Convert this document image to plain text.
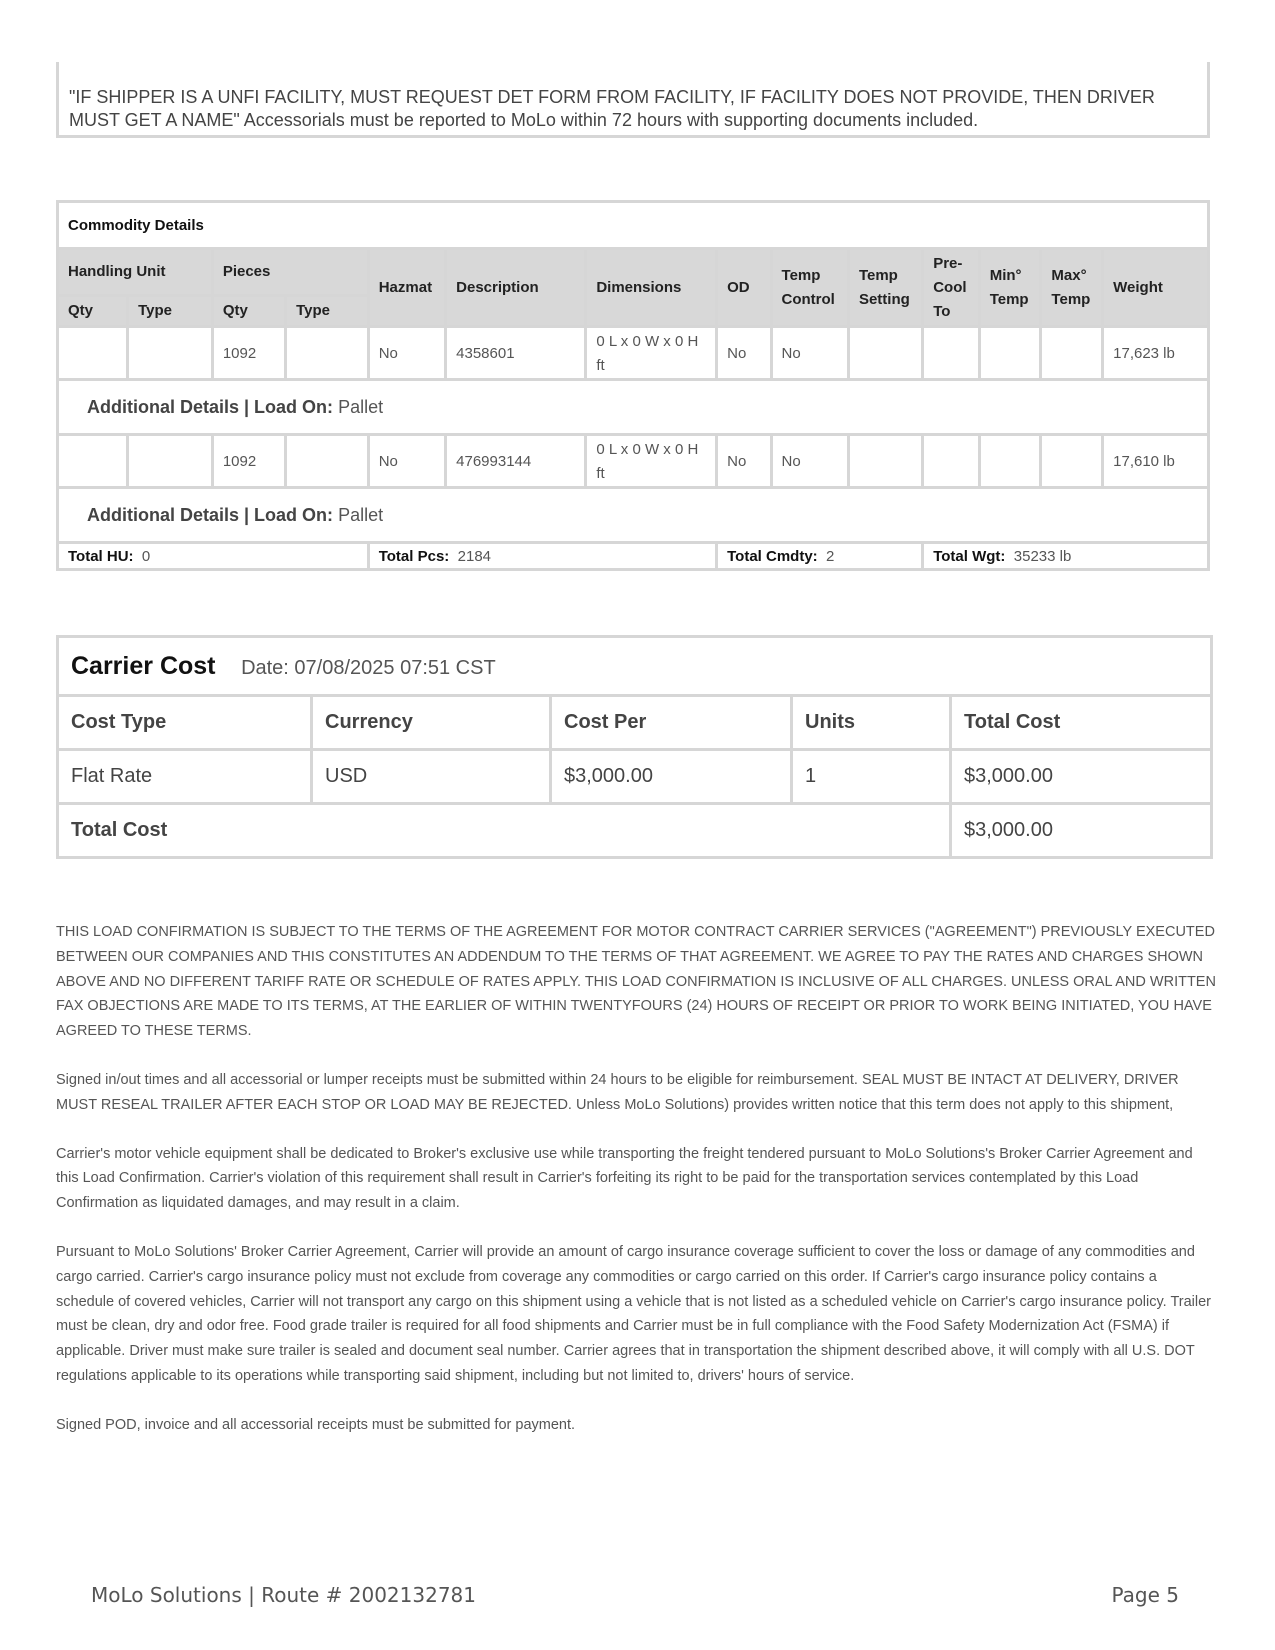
"IF SHIPPER IS A UNFI FACILITY, MUST REQUEST DET FORM FROM FACILITY, IF FACILITY DOES NOT PROVIDE, THEN DRIVER MUST GET A NAME" Accessorials must be reported to MoLo within 72 hours with supporting documents included.
Commodity Details													
Handling Unit		Pieces		Hazmat	Description	Dimensions	OD	Temp Control	Temp Setting	Pre-Cool To	Min° Temp	Max° Temp	Weight
Qty	Type	Qty	Type										
		1092		No	4358601	0 L x 0 W x 0 H ft	No	No					17,623 lb
Additional Details | Load On: Pallet													
		1092		No	476993144	0 L x 0 W x 0 H ft	No	No					17,610 lb
Additional Details | Load On: Pallet													
Total HU: 0				Total Pcs: 2184			Total Cmdty: 2			Total Wgt: 35233 lb			
Carrier Cost Date: 07/08/2025 07:51 CST				
Cost Type	Currency	Cost Per	Units	Total Cost
Flat Rate	USD	$3,000.00	1	$3,000.00
Total Cost				$3,000.00

THIS LOAD CONFIRMATION IS SUBJECT TO THE TERMS OF THE AGREEMENT FOR MOTOR CONTRACT CARRIER SERVICES ("AGREEMENT") PREVIOUSLY EXECUTED BETWEEN OUR COMPANIES AND THIS CONSTITUTES AN ADDENDUM TO THE TERMS OF THAT AGREEMENT. WE AGREE TO PAY THE RATES AND CHARGES SHOWN ABOVE AND NO DIFFERENT TARIFF RATE OR SCHEDULE OF RATES APPLY. THIS LOAD CONFIRMATION IS INCLUSIVE OF ALL CHARGES. UNLESS ORAL AND WRITTEN FAX OBJECTIONS ARE MADE TO ITS TERMS, AT THE EARLIER OF WITHIN TWENTYFOURS (24) HOURS OF RECEIPT OR PRIOR TO WORK BEING INITIATED, YOU HAVE AGREED TO THESE TERMS.

Signed in/out times and all accessorial or lumper receipts must be submitted within 24 hours to be eligible for reimbursement. SEAL MUST BE INTACT AT DELIVERY, DRIVER MUST RESEAL TRAILER AFTER EACH STOP OR LOAD MAY BE REJECTED. Unless MoLo Solutions) provides written notice that this term does not apply to this shipment,

Carrier's motor vehicle equipment shall be dedicated to Broker's exclusive use while transporting the freight tendered pursuant to MoLo Solutions's Broker Carrier Agreement and this Load Confirmation. Carrier's violation of this requirement shall result in Carrier's forfeiting its right to be paid for the transportation services contemplated by this Load Confirmation as liquidated damages, and may result in a claim.

Pursuant to MoLo Solutions' Broker Carrier Agreement, Carrier will provide an amount of cargo insurance coverage sufficient to cover the loss or damage of any commodities and cargo carried. Carrier's cargo insurance policy must not exclude from coverage any commodities or cargo carried on this order. If Carrier's cargo insurance policy contains a schedule of covered vehicles, Carrier will not transport any cargo on this shipment using a vehicle that is not listed as a scheduled vehicle on Carrier's cargo insurance policy. Trailer must be clean, dry and odor free. Food grade trailer is required for all food shipments and Carrier must be in full compliance with the Food Safety Modernization Act (FSMA) if applicable. Driver must make sure trailer is sealed and document seal number. Carrier agrees that in transportation the shipment described above, it will comply with all U.S. DOT regulations applicable to its operations while transporting said shipment, including but not limited to, drivers' hours of service.

Signed POD, invoice and all accessorial receipts must be submitted for payment.

MoLo Solutions | Route # 2002132781	Page 5
